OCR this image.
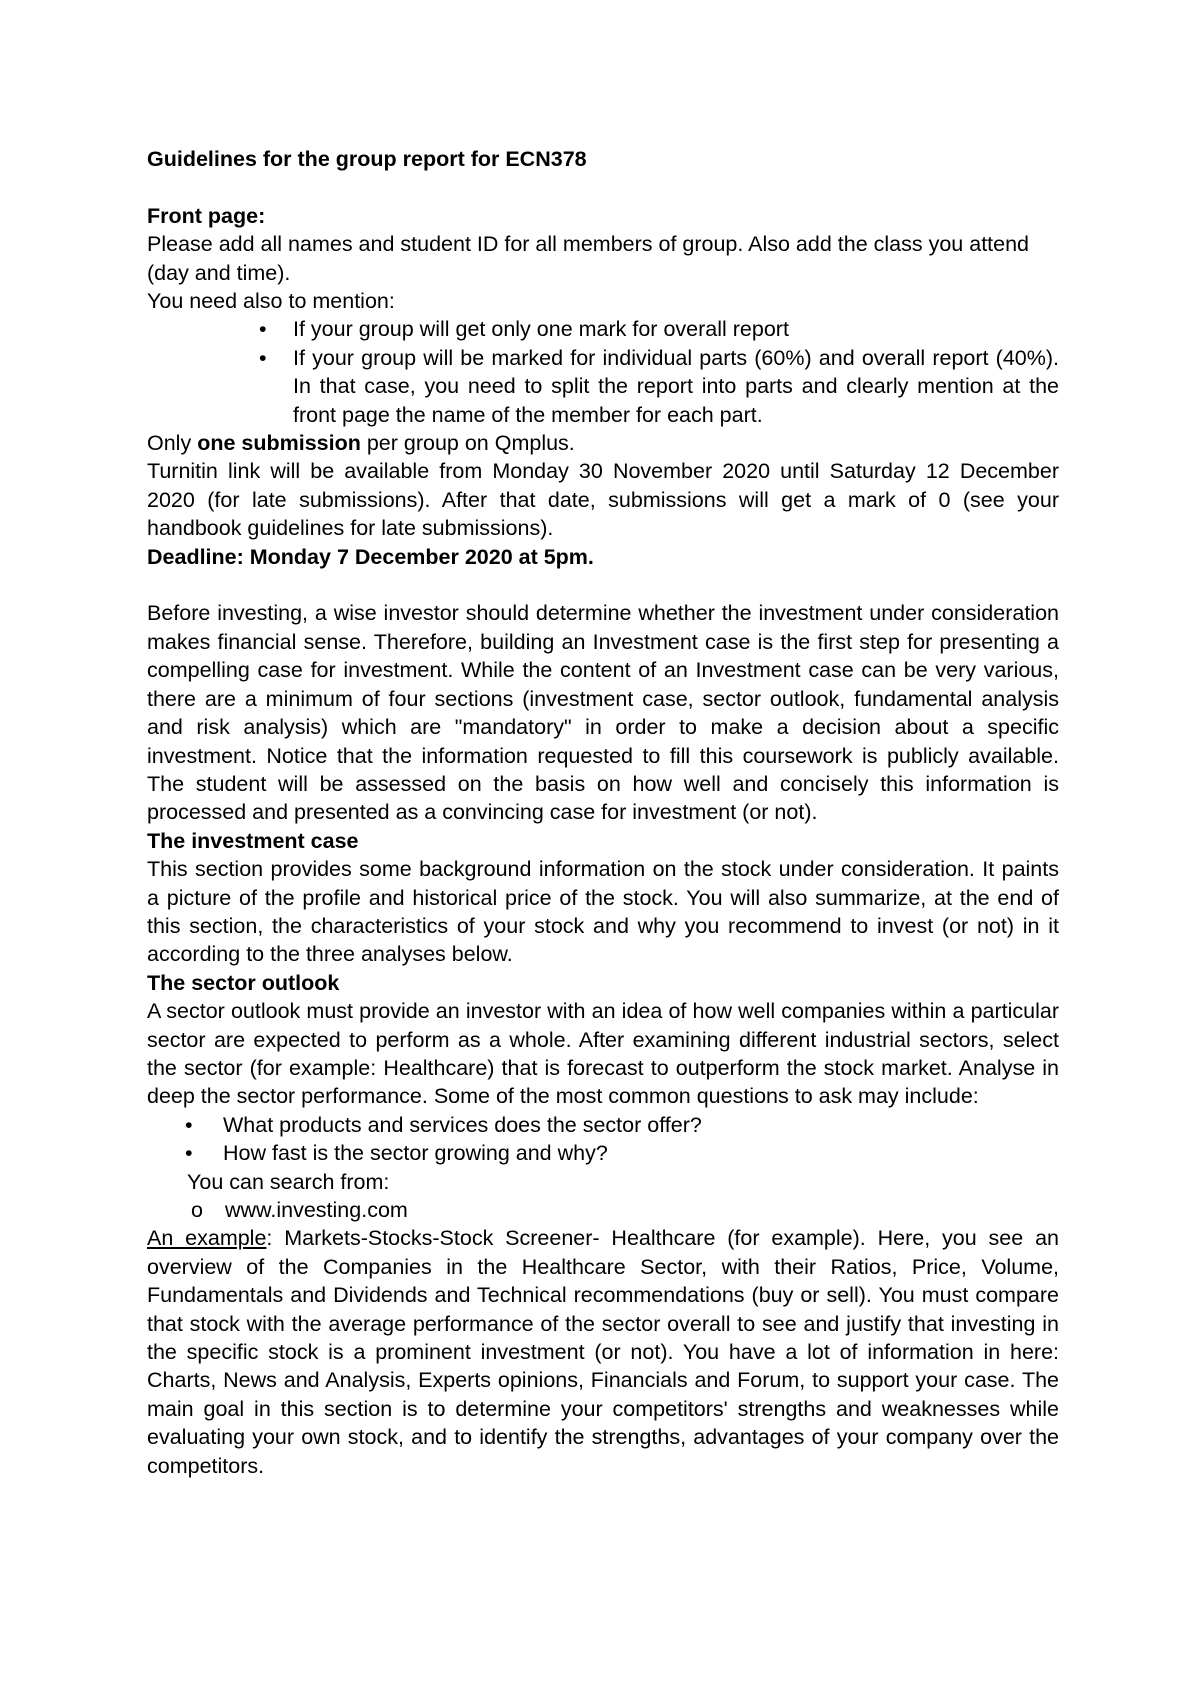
Guidelines for the group report for ECN378

Front page:

Please add all names and student ID for all members of group. Also add the class you attend (day and time).

You need also to mention:

• If your group will get only one mark for overall report
• If your group will be marked for individual parts (60%) and overall report (40%). In that case, you need to split the report into parts and clearly mention at the front page the name of the member for each part.

Only one submission per group on Qmplus.

Turnitin link will be available from Monday 30 November 2020 until Saturday 12 December 2020 (for late submissions). After that date, submissions will get a mark of 0 (see your handbook guidelines for late submissions).

Deadline: Monday 7 December 2020 at 5pm.

Before investing, a wise investor should determine whether the investment under consideration makes financial sense. Therefore, building an Investment case is the first step for presenting a compelling case for investment. While the content of an Investment case can be very various, there are a minimum of four sections (investment case, sector outlook, fundamental analysis and risk analysis) which are "mandatory" in order to make a decision about a specific investment. Notice that the information requested to fill this coursework is publicly available. The student will be assessed on the basis on how well and concisely this information is processed and presented as a convincing case for investment (or not).

The investment case

This section provides some background information on the stock under consideration. It paints a picture of the profile and historical price of the stock. You will also summarize, at the end of this section, the characteristics of your stock and why you recommend to invest (or not) in it according to the three analyses below.

The sector outlook

A sector outlook must provide an investor with an idea of how well companies within a particular sector are expected to perform as a whole. After examining different industrial sectors, select the sector (for example: Healthcare) that is forecast to outperform the stock market. Analyse in deep the sector performance. Some of the most common questions to ask may include:

• What products and services does the sector offer?
• How fast is the sector growing and why?

You can search from:

o www.investing.com

An example: Markets-Stocks-Stock Screener- Healthcare (for example). Here, you see an overview of the Companies in the Healthcare Sector, with their Ratios, Price, Volume, Fundamentals and Dividends and Technical recommendations (buy or sell). You must compare that stock with the average performance of the sector overall to see and justify that investing in the specific stock is a prominent investment (or not). You have a lot of information in here: Charts, News and Analysis, Experts opinions, Financials and Forum, to support your case. The main goal in this section is to determine your competitors' strengths and weaknesses while evaluating your own stock, and to identify the strengths, advantages of your company over the competitors.
